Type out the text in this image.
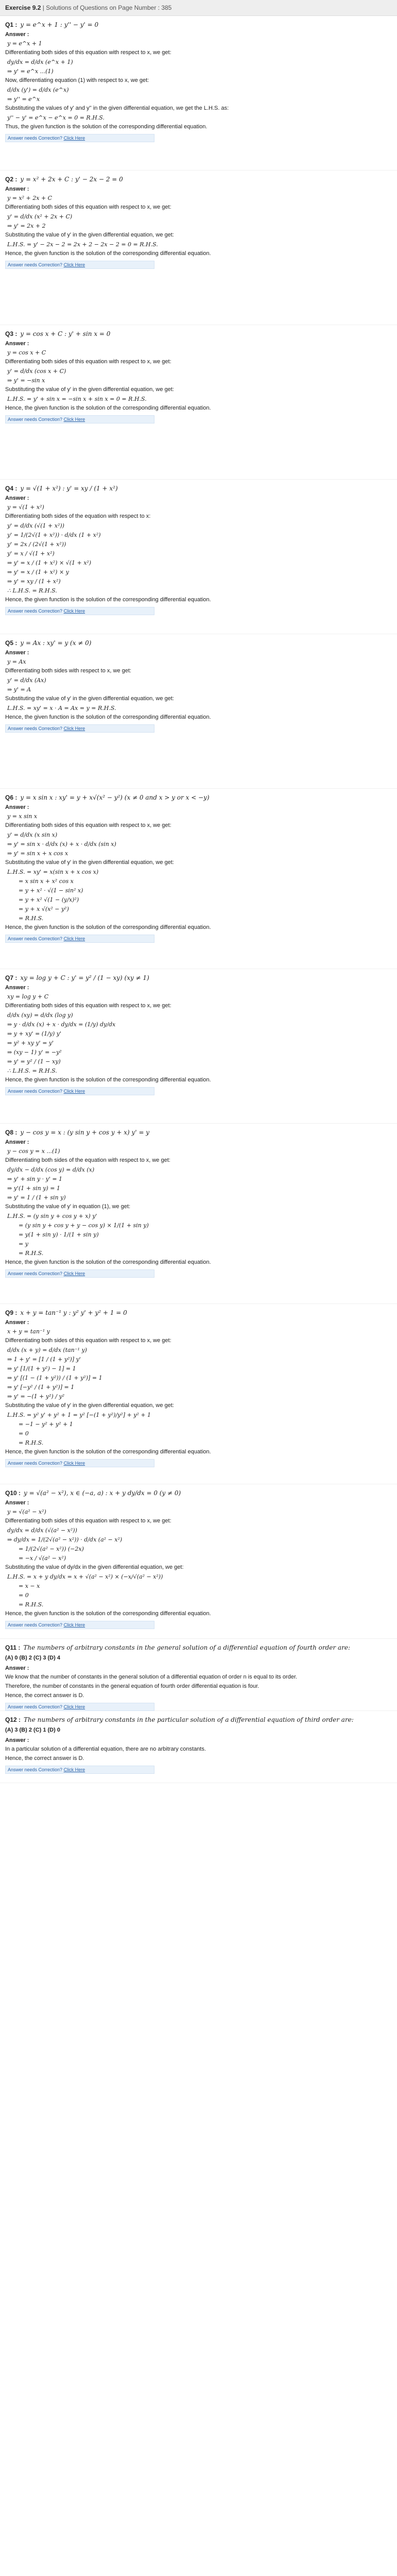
Exercise 9.2 | Solutions of Questions on Page Number : 385
Q1 : y = e^x + 1 : y'' − y' = 0
Answer :
y = e^x + 1
Differentiating both sides of this equation with respect to x, we get:
dy/dx = d/dx (e^x + 1)
⇒ y' = e^x ...(1)
Now, differentiating equation (1) with respect to x, we get:
d/dx (y') = d/dx (e^x)
⇒ y'' = e^x
Substituting the values of y' and y'' in the given differential equation, we get the L.H.S. as:
y'' − y' = e^x − e^x = 0 = R.H.S.
Thus, the given function is the solution of the corresponding differential equation.
Answer needs Correction? Click Here
Q2 : y = x² + 2x + C : y' − 2x − 2 = 0
Answer :
y = x² + 2x + C
Differentiating both sides of this equation with respect to x, we get:
y' = d/dx (x² + 2x + C)
⇒ y' = 2x + 2
Substituting the value of y' in the given differential equation, we get:
L.H.S. = y' − 2x − 2 = 2x + 2 − 2x − 2 = 0 = R.H.S.
Hence, the given function is the solution of the corresponding differential equation.
Answer needs Correction? Click Here
Q3 : y = cos x + C : y' + sin x = 0
Answer :
y = cos x + C
Differentiating both sides of this equation with respect to x, we get:
y' = d/dx (cos x + C)
⇒ y' = −sin x
Substituting the value of y' in the given differential equation, we get:
L.H.S. = y' + sin x = −sin x + sin x = 0 = R.H.S.
Hence, the given function is the solution of the corresponding differential equation.
Answer needs Correction? Click Here
Q4 : y = √(1 + x²) : y' = xy / (1 + x²)
Answer :
y = √(1 + x²)
Differentiating both sides of the equation with respect to x:
y' = d/dx (√(1 + x²))
y' = 1/(2√(1 + x²)) · d/dx (1 + x²)
y' = 2x / (2√(1 + x²))
y' = x / √(1 + x²)
⇒ y' = x / (1 + x²) × √(1 + x²)
⇒ y' = x / (1 + x²) × y
⇒ y' = xy / (1 + x²)
∴ L.H.S. = R.H.S.
Hence, the given function is the solution of the corresponding differential equation.
Answer needs Correction? Click Here
Q5 : y = Ax : xy' = y (x ≠ 0)
Answer :
y = Ax
Differentiating both sides with respect to x, we get:
y' = d/dx (Ax)
⇒ y' = A
Substituting the value of y' in the given differential equation, we get:
L.H.S. = xy' = x · A = Ax = y = R.H.S.
Hence, the given function is the solution of the corresponding differential equation.
Answer needs Correction? Click Here
Q6 : y = x sin x : xy' = y + x√(x² − y²) (x ≠ 0 and x > y or x < −y)
Answer :
y = x sin x
Differentiating both sides of this equation with respect to x, we get:
y' = d/dx (x sin x)
⇒ y' = sin x · d/dx (x) + x · d/dx (sin x)
⇒ y' = sin x + x cos x
Substituting the value of y' in the given differential equation, we get:
L.H.S. = xy' = x(sin x + x cos x)
= x sin x + x² cos x
= y + x² · √(1 − sin² x)
= y + x² √(1 − (y/x)²)
= y + x √(x² − y²)
= R.H.S.
Hence, the given function is the solution of the corresponding differential equation.
Answer needs Correction? Click Here
Q7 : xy = log y + C : y' = y² / (1 − xy) (xy ≠ 1)
Answer :
xy = log y + C
Differentiating both sides of this equation with respect to x, we get:
d/dx (xy) = d/dx (log y)
⇒ y · d/dx (x) + x · dy/dx = (1/y) dy/dx
⇒ y + xy' = (1/y) y'
⇒ y² + xy y' = y'
⇒ (xy − 1) y' = −y²
⇒ y' = y² / (1 − xy)
∴ L.H.S. = R.H.S.
Hence, the given function is the solution of the corresponding differential equation.
Answer needs Correction? Click Here
Q8 : y − cos y = x : (y sin y + cos y + x) y' = y
Answer :
y − cos y = x ...(1)
Differentiating both sides of the equation with respect to x, we get:
dy/dx − d/dx (cos y) = d/dx (x)
⇒ y' + sin y · y' = 1
⇒ y'(1 + sin y) = 1
⇒ y' = 1 / (1 + sin y)
Substituting the value of y' in equation (1), we get:
L.H.S. = (y sin y + cos y + x) y'
= (y sin y + cos y + y − cos y) × 1/(1 + sin y)
= y(1 + sin y) · 1/(1 + sin y)
= y
= R.H.S.
Hence, the given function is the solution of the corresponding differential equation.
Answer needs Correction? Click Here
Q9 : x + y = tan⁻¹ y : y² y' + y² + 1 = 0
Answer :
x + y = tan⁻¹ y
Differentiating both sides of this equation with respect to x, we get:
d/dx (x + y) = d/dx (tan⁻¹ y)
⇒ 1 + y' = [1 / (1 + y²)] y'
⇒ y' [1/(1 + y²) − 1] = 1
⇒ y' [(1 − (1 + y²)) / (1 + y²)] = 1
⇒ y' [−y² / (1 + y²)] = 1
⇒ y' = −(1 + y²) / y²
Substituting the value of y' in the given differential equation, we get:
L.H.S. = y² y' + y² + 1 = y² [−(1 + y²)/y²] + y² + 1
= −1 − y² + y² + 1
= 0
= R.H.S.
Hence, the given function is the solution of the corresponding differential equation.
Answer needs Correction? Click Here
Q10 : y = √(a² − x²), x ∈ (−a, a) : x + y dy/dx = 0 (y ≠ 0)
Answer :
y = √(a² − x²)
Differentiating both sides of this equation with respect to x, we get:
dy/dx = d/dx (√(a² − x²))
⇒ dy/dx = 1/(2√(a² − x²)) · d/dx (a² − x²)
= 1/(2√(a² − x²)) (−2x)
= −x / √(a² − x²)
Substituting the value of dy/dx in the given differential equation, we get:
L.H.S. = x + y dy/dx = x + √(a² − x²) × (−x/√(a² − x²))
= x − x
= 0
= R.H.S.
Hence, the given function is the solution of the corresponding differential equation.
Answer needs Correction? Click Here
Q11 : The numbers of arbitrary constants in the general solution of a differential equation of fourth order are:
(A) 0 (B) 2 (C) 3 (D) 4
Answer :
We know that the number of constants in the general solution of a differential equation of order n is equal to its order.
Therefore, the number of constants in the general equation of fourth order differential equation is four.
Hence, the correct answer is D.
Answer needs Correction? Click Here
Q12 : The numbers of arbitrary constants in the particular solution of a differential equation of third order are:
(A) 3 (B) 2 (C) 1 (D) 0
Answer :
In a particular solution of a differential equation, there are no arbitrary constants.
Hence, the correct answer is D.
Answer needs Correction? Click Here
